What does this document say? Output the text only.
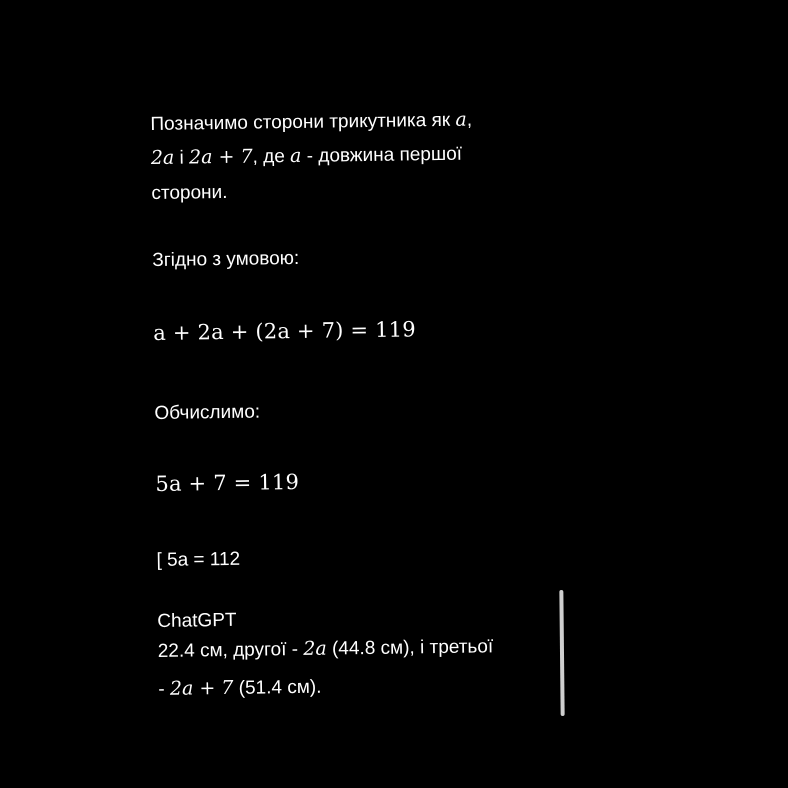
Позначимо сторони трикутника як a,
2a і 2a + 7, де a - довжина першої
сторони.
Згідно з умовою:
a + 2a + (2a + 7) = 119
Обчислимо:
5a + 7 = 119
[ 5a = 112
ChatGPT
22.4 см, другої - 2a (44.8 см), і третьої
- 2a + 7 (51.4 см).
